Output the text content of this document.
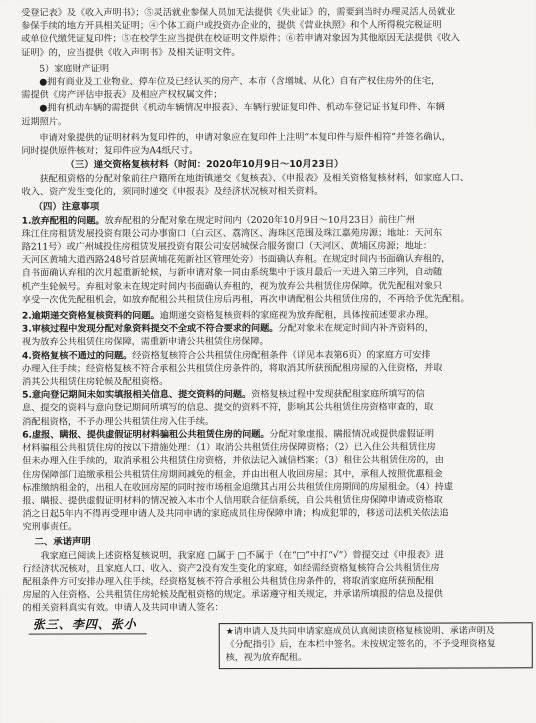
受登记表》及《收入声明书》；⑤灵活就业参保人员加无法提供《失业证》的，需要到当时办理灵活人员就业
参保手续的地方开具相关证明；④个体工商户或投资办企业的，提供《营业执照》和个人所得税完税证明
或单位代缴凭证复印件；⑤在校学生应当提供在校证明文件原件；⑥若申请对象因为其他原因无法提供《收入
证明》的，应当提供《收入声明书》及相关证明文件。
5）家庭财产证明
●拥有商业及工业物业、停车位及已经认买的房产、本市（含增城、从化）自有产权住房外的住宅，
需提供《房产评估申报表》及相应产权权属文件；
●拥有机动车辆的需提供《机动车辆情况申报表》、车辆行驶证复印件、机动车登记证书复印件、车辆
近期照片。
申请对象提供的证明材料为复印件的，申请对象应在复印件上注明“本复印件与原件相符”并签名确认，
同时提供原件核对；复印件应为A4纸尺寸。
（三）递交资格复核材料（时间：2020年10月9日～10月23日）
获配租资格的分配对象前往户籍所在地街镇递交《复核表》、《申报表》及相关资格复核材料，如家庭人口、
收入、资产发生变化的，须同时递交《申报表》及经济状况核对相关资料。
（四）注意事项
1.放弃配租的问题。放弃配租的分配对象在规定时间内（2020年10月9日～10月23日）前往广州
珠江住房租赁发展投资有限公司办事窗口（白云区、荔湾区、海珠区范围及珠江嘉苑房源；地址：天河东
路211号）或广州城投住房租赁发展投资有限公司安居城保合服务窗口（天河区、黄埔区房源；地址：
天河区黄埔大道西路248号首层黄埔花苑新社区管理处旁）书面确认弃租。在规定时间内书面确认弃租的，
自书面确认弃租的次月起重新轮候，与新申请对象一同由系统集中于该月最后一天进入第三序列，自动随
机产生轮候号。弃租对象未在规定时间内书面确认弃租的，视为放弃公共租赁住房保障。优先配租对象只
享受一次优先配租机会，如放弃配租公共租赁住房后再租，再次申请配租公共租赁住房的，不再给予优先配租。
2.逾期递交资格复核资料的问题。逾期递交资格复核资料的家庭视为放弃配租，具体按前述要求办理。
3.审核过程中发现分配对象资料提交不全或不符合要求的问题。分配对象未在规定时间内补齐资料的，
视为放弃公共租赁住房保障，需重新申请公共租赁住房保障。
4.资格复核不通过的问题。经资格复核符合公共租赁住房配租条件（详见本表第6页）的家庭方可安排
办理入住手续；经资格复核不符合承租公共租赁住房条件的，将取消其所获预配租房屋的入住资格，并取
消其公共租赁住房轮候及配租资格。
5.意向登记期间未如实填报相关信息、提交资料的问题。资格复核过程中发现获配租家庭所填写的信
息、提交的资料与意向登记期间所填写的信息、提交的资料不符，影响其公共租赁住房资格审查的，取
消配租资格，不予办理公共租赁住房入住手续。
6.虚报、瞒报、提供虚假证明材料骗租公共租赁住房的问题。分配对象虚报、瞒报情况或提供虚假证明
材料骗租公共租赁住房的按以下措施处理：（1）取消公共租赁住房保障资格；（2）已入住公共租赁住房
但未办理入住手续的，取消承租公共租赁住房资格，并依法记入诚信档案；（3）租住公共租赁住房的，由
住房保障部门追缴承租公共租赁住房期间减免的租金，并由出租人收回房屋；其中，承租人按照优惠租金
标准缴纳租金的，出租人在收回房屋的同时按市场租金追缴其占用公共租赁住房期间的房屋租金。（4）持虚
报、瞒报、提供虚假证明材料的情况被入本市个人信用联合征信系统，自公共租赁住房保障申请或资格取
消之日起5年内不得再受理申请人及共同申请的家庭成员住房保障申请；构成犯罪的，移送司法机关依法追
究刑事责任。
二、承诺声明
我家庭已阅读上述资格复核说明，我家庭 □属于 □不属于（在“□”中打“√”）曾提交过《申报表》进
行经济状况核对，且家庭人口、收入、资产2没有发生变化的家庭，如经需经资格复核符合公共租赁住房
配租条件方可安排办理入住手续，经资格复核不符合承租公共租赁住房条件的，将取消家庭所获预配租
房屋的入住资格、公共租赁住房轮候及配租资格的规定。承诺遵守相关规定，并承诺所填报的信息及提供
的相关资料真实有效。申请人及共同申请人签名：
张三、李四、张小
★请申请人及共同申请家庭成员认真阅读资格复核说明、承诺声明及
《分配指引》后，在本栏中签名。未按规定签名的，不予受理资格复
核，视为放弃配租。
